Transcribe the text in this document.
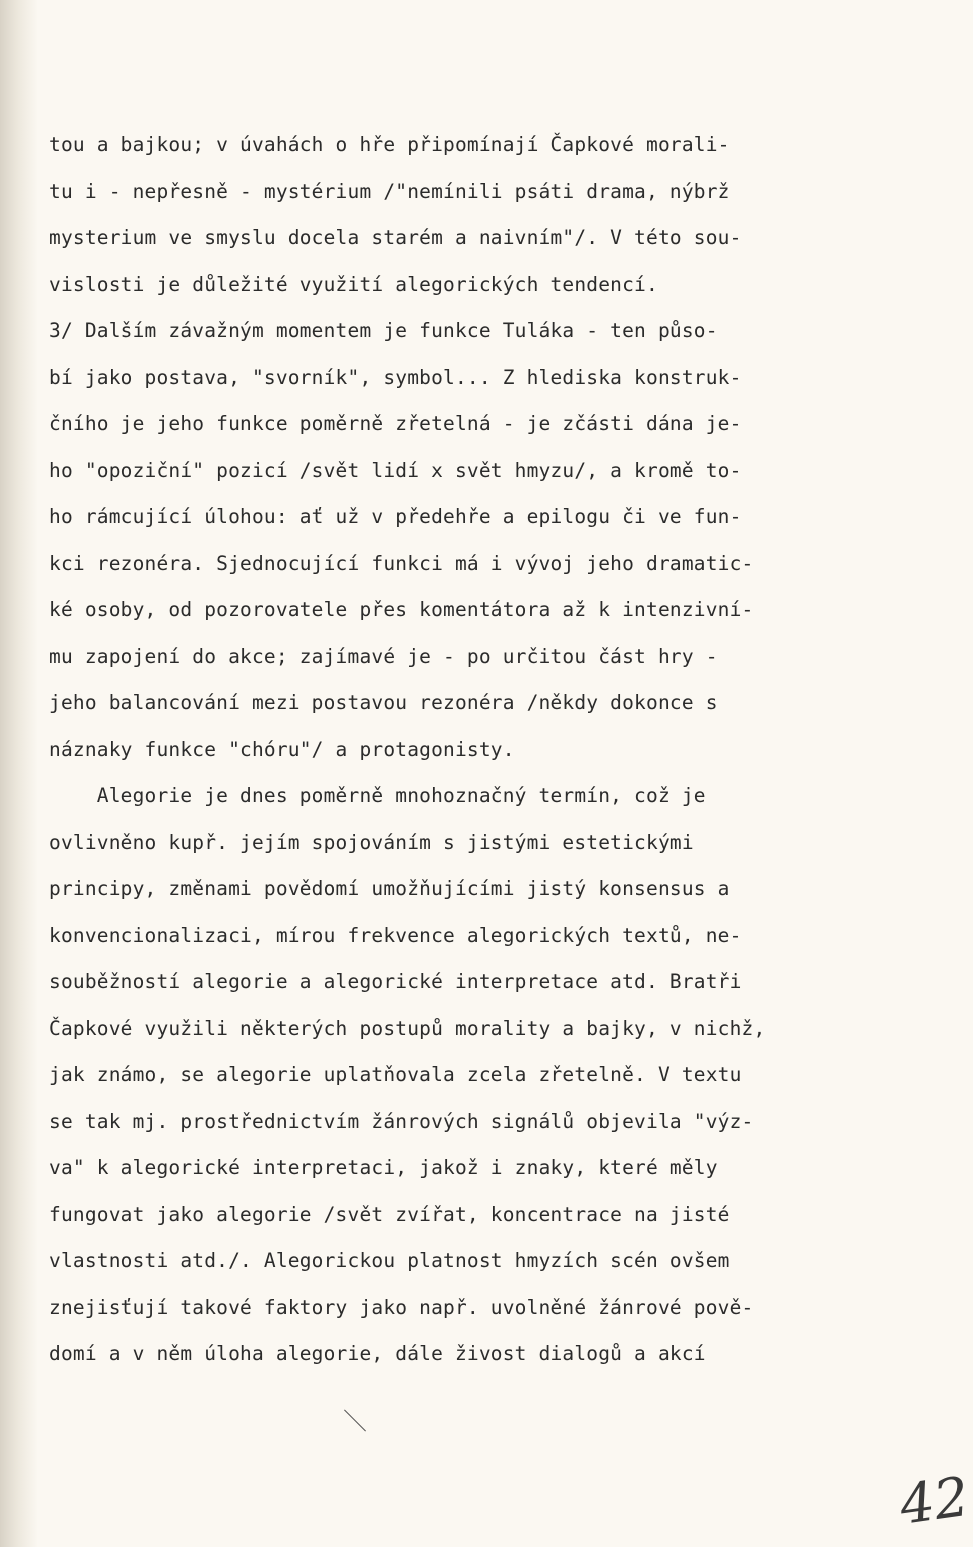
tou a bajkou; v úvahách o hře připomínají Čapkové morali-
tu i - nepřesně - mystérium /"nemínili psáti drama, nýbrž
mysterium ve smyslu docela starém a naivním"/. V této sou-
vislosti je důležité využití alegorických tendencí.
3/ Dalším závažným momentem je funkce Tuláka - ten půso-
bí jako postava, "svorník", symbol... Z hlediska konstruk-
čního je jeho funkce poměrně zřetelná - je zčásti dána je-
ho "opoziční" pozicí /svět lidí x svět hmyzu/, a kromě to-
ho rámcující úlohou: ať už v předehře a epilogu či ve fun-
kci rezonéra. Sjednocující funkci má i vývoj jeho dramatic-
ké osoby, od pozorovatele přes komentátora až k intenzivní-
mu zapojení do akce; zajímavé je - po určitou část hry -
jeho balancování mezi postavou rezonéra /někdy dokonce s
náznaky funkce "chóru"/ a protagonisty.
Alegorie je dnes poměrně mnohoznačný termín, což je
ovlivněno kupř. jejím spojováním s jistými estetickými
principy, změnami povědomí umožňujícími jistý konsensus a
konvencionalizaci, mírou frekvence alegorických textů, ne-
souběžností alegorie a alegorické interpretace atd. Bratři
Čapkové využili některých postupů morality a bajky, v nichž,
jak známo, se alegorie uplatňovala zcela zřetelně. V textu
se tak mj. prostřednictvím žánrových signálů objevila "výz-
va" k alegorické interpretaci, jakož i znaky, které měly
fungovat jako alegorie /svět zvířat, koncentrace na jisté
vlastnosti atd./. Alegorickou platnost hmyzích scén ovšem
znejisťují takové faktory jako např. uvolněné žánrové pově-
domí a v něm úloha alegorie, dále živost dialogů a akcí
42
